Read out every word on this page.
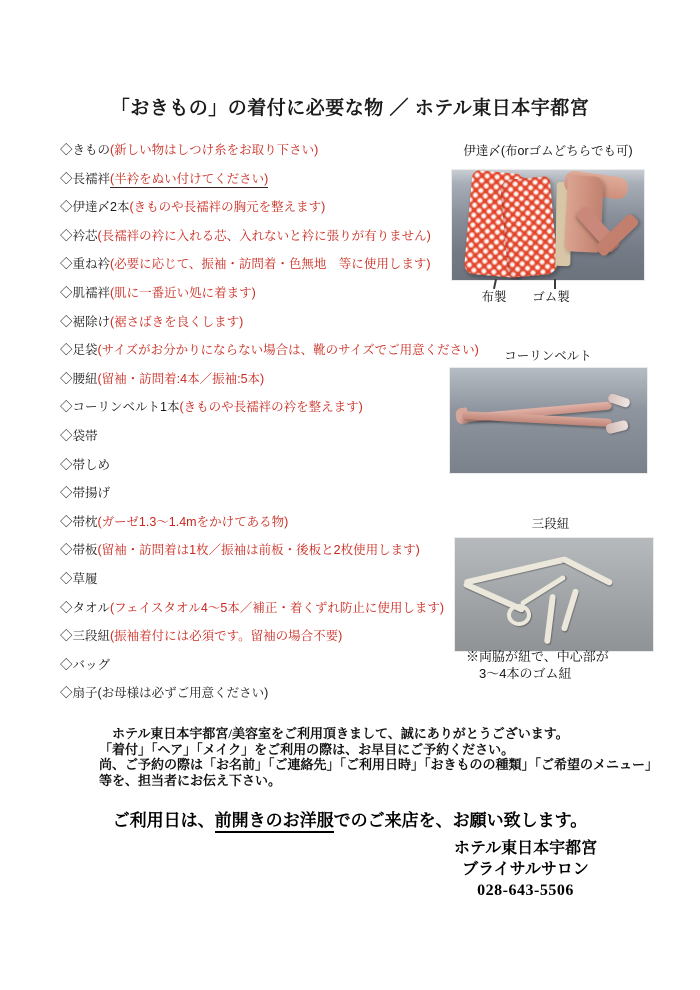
「おきもの」の着付に必要な物 ／ ホテル東日本宇都宮
◇きもの(新しい物はしつけ糸をお取り下さい)
◇長襦袢(半衿をぬい付けてください)
◇伊達〆2本(きものや長襦袢の胸元を整えます)
◇衿芯(長襦袢の衿に入れる芯、入れないと衿に張りが有りません)
◇重ね衿(必要に応じて、振袖・訪問着・色無地　等に使用します)
◇肌襦袢(肌に一番近い処に着ます)
◇裾除け(裾さばきを良くします)
◇足袋(サイズがお分かりにならない場合は、靴のサイズでご用意ください)
◇腰紐(留袖・訪問着:4本／振袖:5本)
◇コーリンベルト1本(きものや長襦袢の衿を整えます)
◇袋帯
◇帯しめ
◇帯揚げ
◇帯枕(ガーゼ1.3〜1.4mをかけてある物)
◇帯板(留袖・訪問着は1枚／振袖は前板・後板と2枚使用します)
◇草履
◇タオル(フェイスタオル4〜5本／補正・着くずれ防止に使用します)
◇三段紐(振袖着付には必須です。留袖の場合不要)
◇バッグ
◇扇子(お母様は必ずご用意ください)
伊達〆(布orゴムどちらでも可)
布製	ゴム製
コーリンベルト
三段紐
※両脇が紐で、中心部が
3〜4本のゴム紐
ホテル東日本宇都宮/美容室をご利用頂きまして、誠にありがとうございます。
「着付」「ヘア」「メイク」をご利用の際は、お早目にご予約ください。
尚、ご予約の際は「お名前」「ご連絡先」「ご利用日時」「おきものの種類」「ご希望のメニュー」
等を、担当者にお伝え下さい。
ご利用日は、前開きのお洋服でのご来店を、お願い致します。
ホテル東日本宇都宮
ブライサルサロン
028-643-5506
